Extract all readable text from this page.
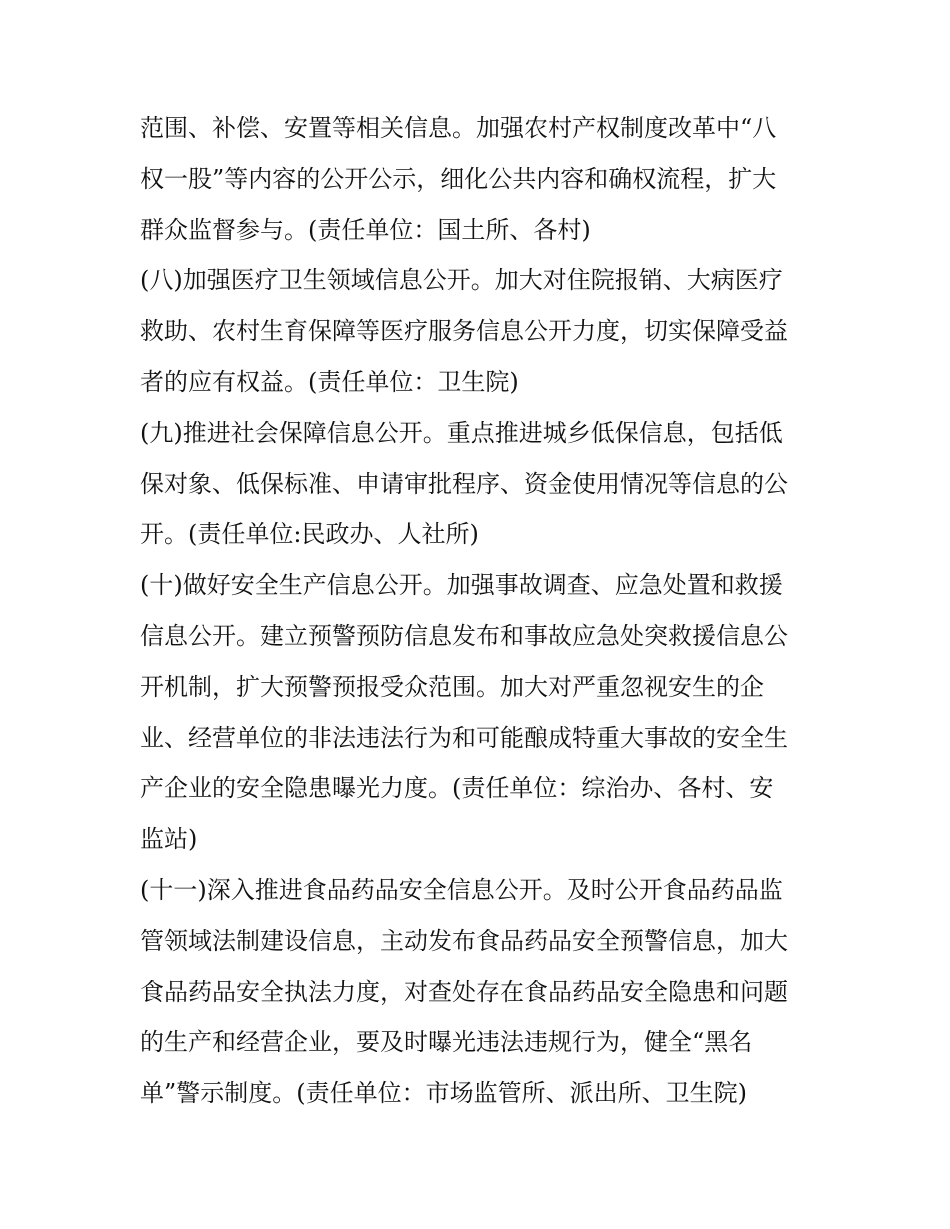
范围、补偿、安置等相关信息。加强农村产权制度改革中“八
权一股”等内容的公开公示，细化公共内容和确权流程，扩大
群众监督参与。(责任单位：国土所、各村)
(八)加强医疗卫生领域信息公开。加大对住院报销、大病医疗
救助、农村生育保障等医疗服务信息公开力度，切实保障受益
者的应有权益。(责任单位：卫生院)
(九)推进社会保障信息公开。重点推进城乡低保信息，包括低
保对象、低保标准、申请审批程序、资金使用情况等信息的公
开。(责任单位:民政办、人社所)
(十)做好安全生产信息公开。加强事故调查、应急处置和救援
信息公开。建立预警预防信息发布和事故应急处突救援信息公
开机制，扩大预警预报受众范围。加大对严重忽视安生的企
业、经营单位的非法违法行为和可能酿成特重大事故的安全生
产企业的安全隐患曝光力度。(责任单位：综治办、各村、安
监站)
(十一)深入推进食品药品安全信息公开。及时公开食品药品监
管领域法制建设信息，主动发布食品药品安全预警信息，加大
食品药品安全执法力度，对查处存在食品药品安全隐患和问题
的生产和经营企业，要及时曝光违法违规行为，健全“黑名
单”警示制度。(责任单位：市场监管所、派出所、卫生院)
